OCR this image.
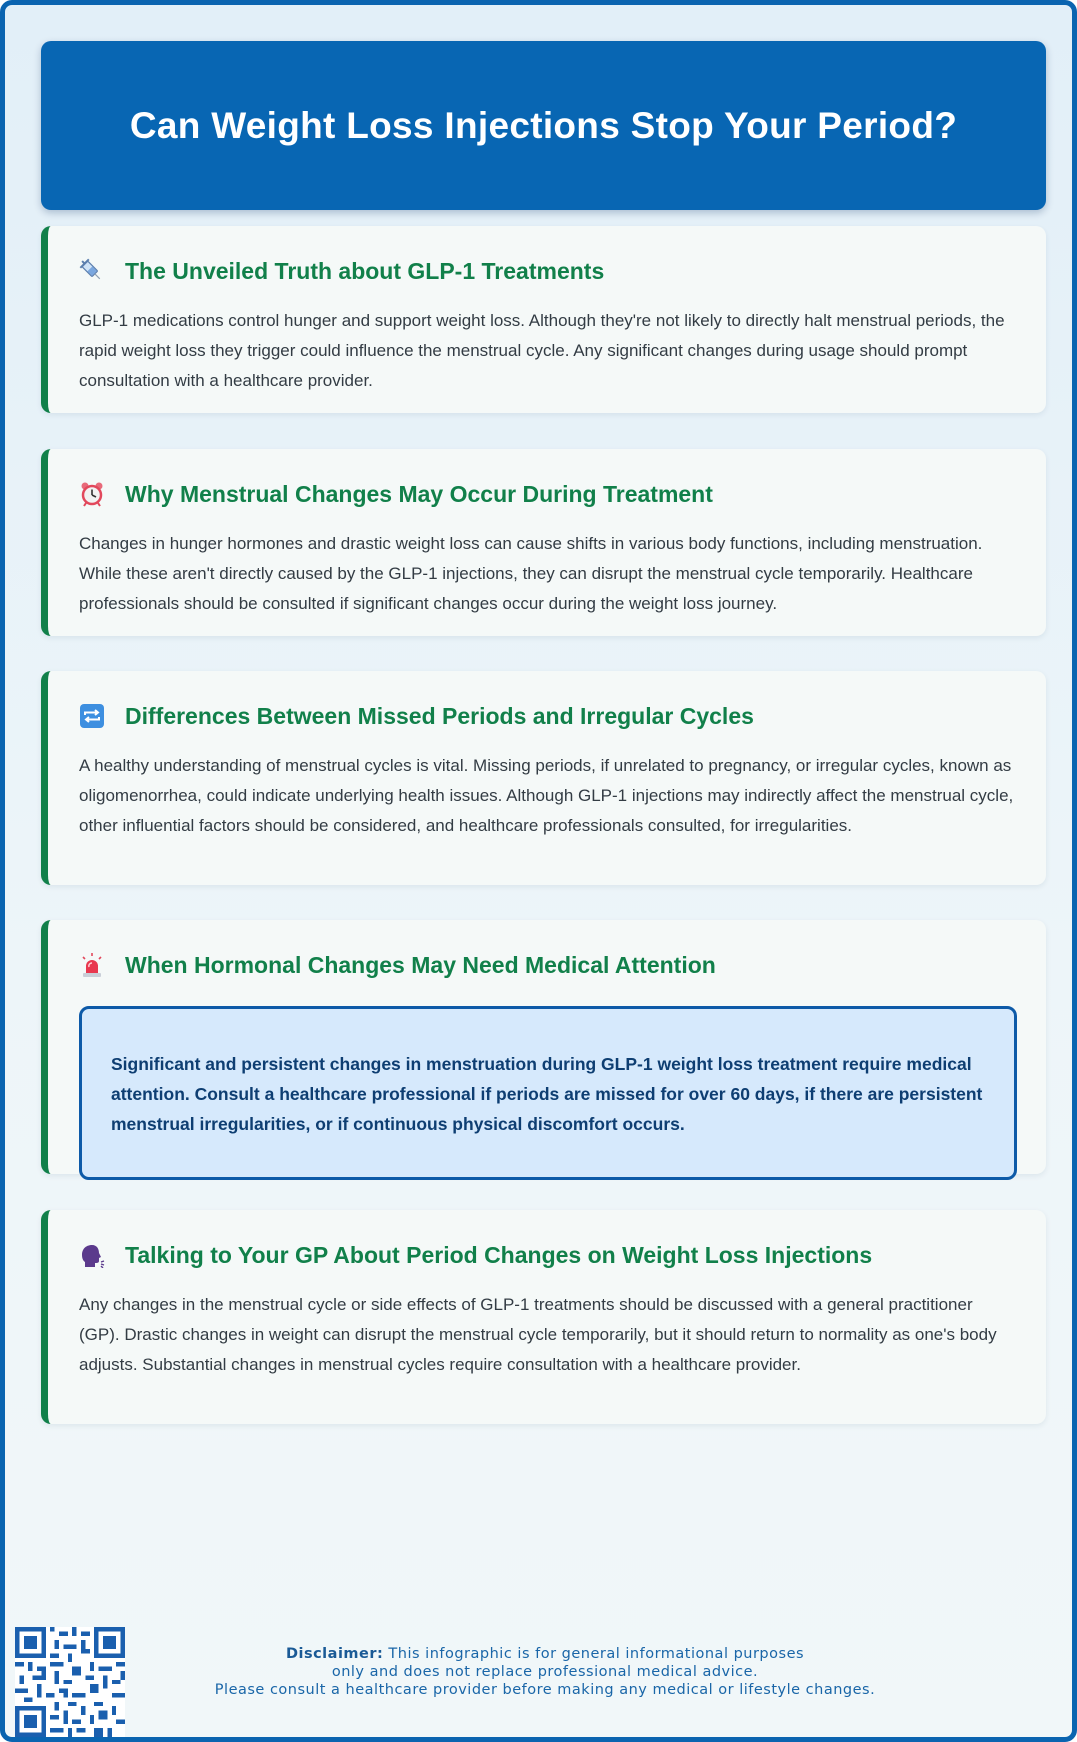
Can Weight Loss Injections Stop Your Period?
The Unveiled Truth about GLP-1 Treatments

GLP-1 medications control hunger and support weight loss. Although they're not likely to directly halt menstrual periods, the rapid weight loss they trigger could influence the menstrual cycle. Any significant changes during usage should prompt consultation with a healthcare provider.

Why Menstrual Changes May Occur During Treatment

Changes in hunger hormones and drastic weight loss can cause shifts in various body functions, including menstruation. While these aren't directly caused by the GLP-1 injections, they can disrupt the menstrual cycle temporarily. Healthcare professionals should be consulted if significant changes occur during the weight loss journey.

Differences Between Missed Periods and Irregular Cycles

A healthy understanding of menstrual cycles is vital. Missing periods, if unrelated to pregnancy, or irregular cycles, known as oligomenorrhea, could indicate underlying health issues. Although GLP-1 injections may indirectly affect the menstrual cycle, other influential factors should be considered, and healthcare professionals consulted, for irregularities.

When Hormonal Changes May Need Medical Attention

Significant and persistent changes in menstruation during GLP-1 weight loss treatment require medical attention. Consult a healthcare professional if periods are missed for over 60 days, if there are persistent menstrual irregularities, or if continuous physical discomfort occurs.

Talking to Your GP About Period Changes on Weight Loss Injections

Any changes in the menstrual cycle or side effects of GLP-1 treatments should be discussed with a general practitioner (GP). Drastic changes in weight can disrupt the menstrual cycle temporarily, but it should return to normality as one's body adjusts. Substantial changes in menstrual cycles require consultation with a healthcare provider.

Disclaimer: This infographic is for general informational purposes
only and does not replace professional medical advice.
Please consult a healthcare provider before making any medical or lifestyle changes.
